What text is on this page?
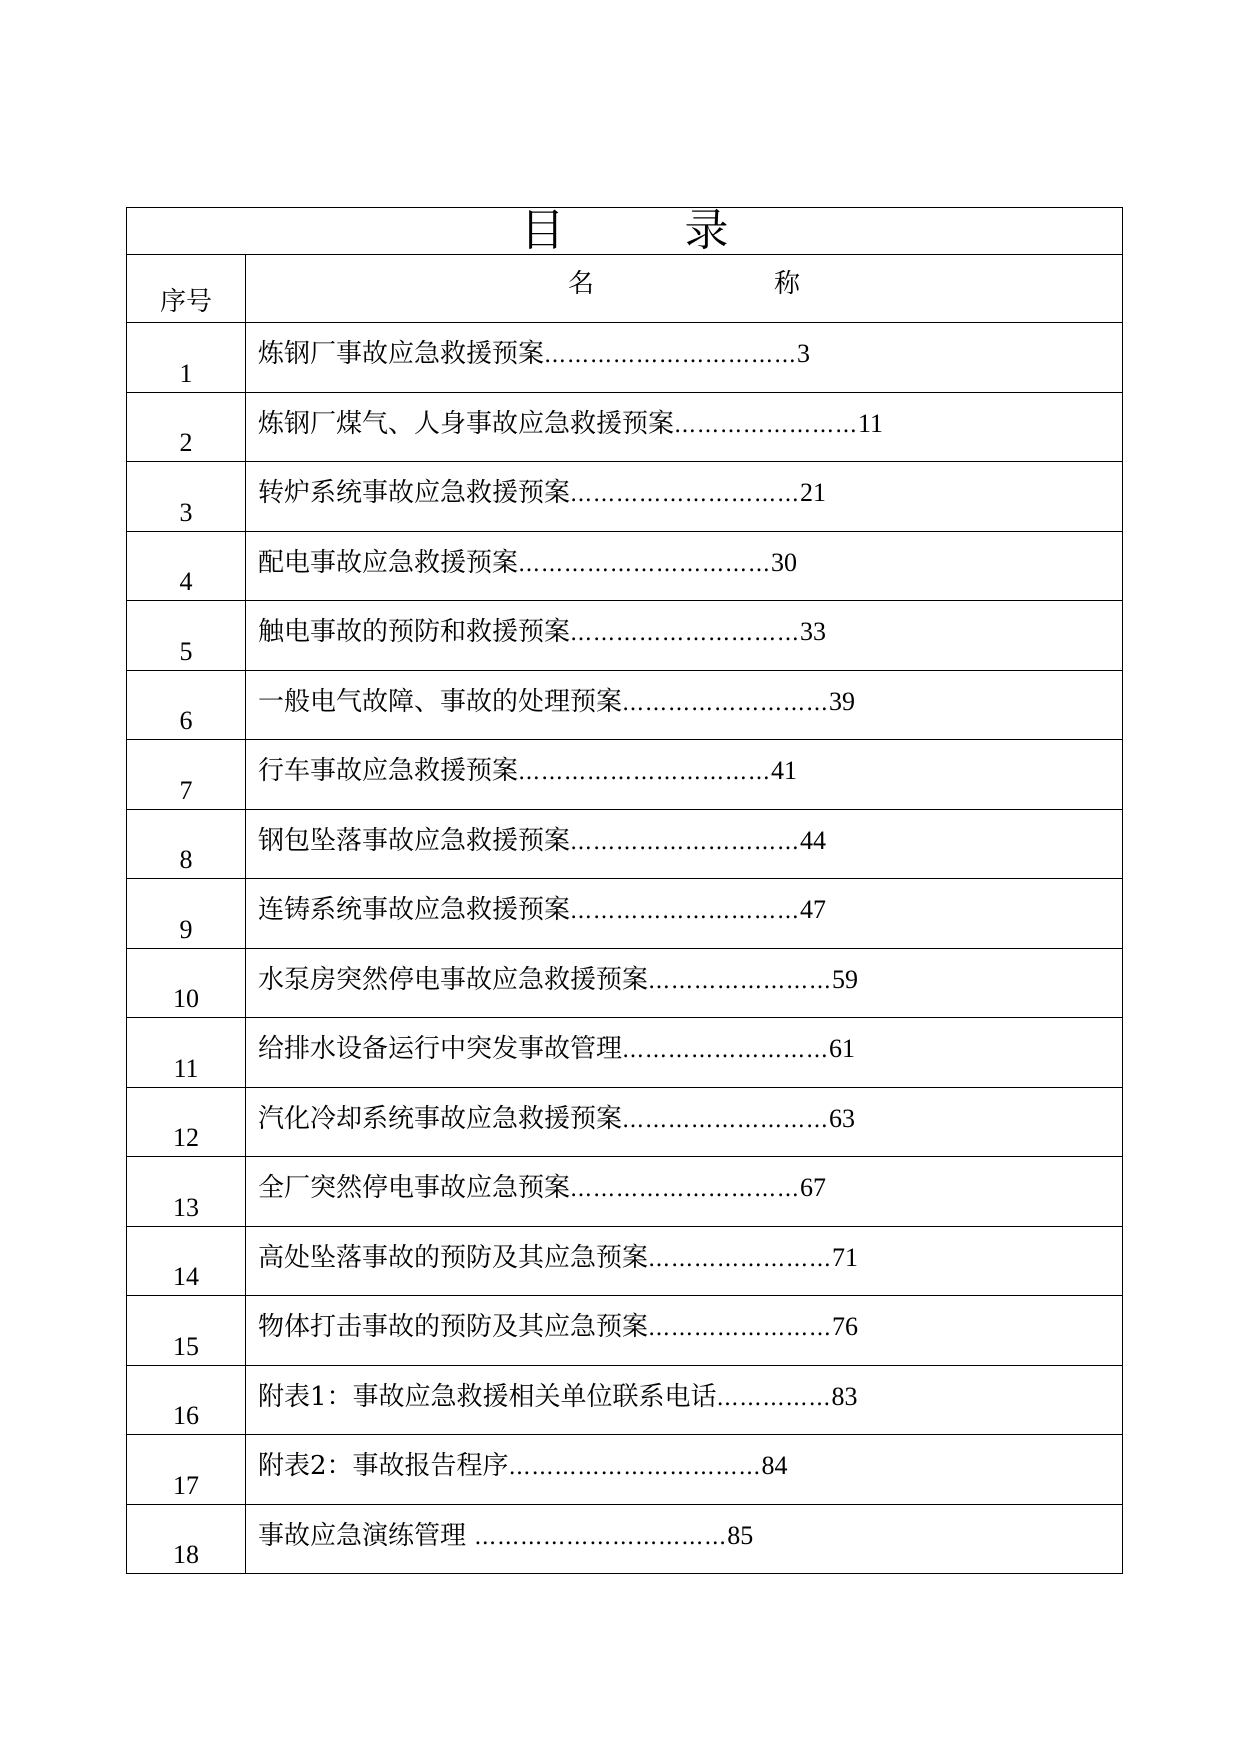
目 录	
序号	名 称
1	炼钢厂事故应急救援预案……………………………3
2	炼钢厂煤气、人身事故应急救援预案……………………11
3	转炉系统事故应急救援预案…………………………21
4	配电事故应急救援预案……………………………30
5	触电事故的预防和救援预案…………………………33
6	一般电气故障、事故的处理预案………………………39
7	行车事故应急救援预案……………………………41
8	钢包坠落事故应急救援预案…………………………44
9	连铸系统事故应急救援预案…………………………47
10	水泵房突然停电事故应急救援预案……………………59
11	给排水设备运行中突发事故管理………………………61
12	汽化冷却系统事故应急救援预案………………………63
13	全厂突然停电事故应急预案…………………………67
14	高处坠落事故的预防及其应急预案……………………71
15	物体打击事故的预防及其应急预案……………………76
16	附表1：事故应急救援相关单位联系电话……………83
17	附表2：事故报告程序……………………………84
18	事故应急演练管理 ……………………………85
